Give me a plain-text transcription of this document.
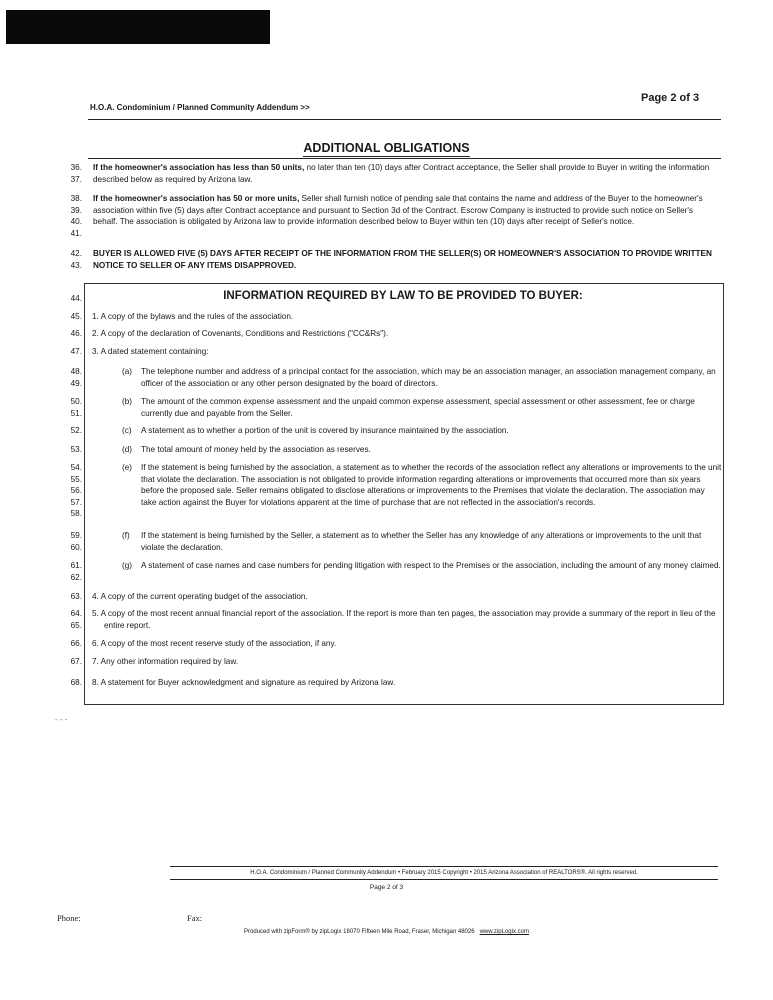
Page 2 of 3
H.O.A. Condominium / Planned Community Addendum >>
ADDITIONAL OBLIGATIONS
36.
37.
If the homeowner's association has less than 50 units, no later than ten (10) days after Contract acceptance, the Seller shall provide to Buyer in writing the information described below as required by Arizona law.
38.
39.
40.
41.
If the homeowner's association has 50 or more units, Seller shall furnish notice of pending sale that contains the name and address of the Buyer to the homeowner's association within five (5) days after Contract acceptance and pursuant to Section 3d of the Contract. Escrow Company is instructed to provide such notice on Seller's behalf. The association is obligated by Arizona law to provide information described below to Buyer within ten (10) days after receipt of Seller's notice.
42.
43.
BUYER IS ALLOWED FIVE (5) DAYS AFTER RECEIPT OF THE INFORMATION FROM THE SELLER(S) OR HOMEOWNER'S ASSOCIATION TO PROVIDE WRITTEN NOTICE TO SELLER OF ANY ITEMS DISAPPROVED.
44.	INFORMATION REQUIRED BY LAW TO BE PROVIDED TO BUYER:
45. 1. A copy of the bylaws and the rules of the association.
46. 2. A copy of the declaration of Covenants, Conditions and Restrictions ("CC&Rs").
47. 3. A dated statement containing:
48.
49.
(a)	The telephone number and address of a principal contact for the association, which may be an association manager, an association management company, an officer of the association or any other person designated by the board of directors.
50.
51.
(b)	The amount of the common expense assessment and the unpaid common expense assessment, special assessment or other assessment, fee or charge currently due and payable from the Seller.
52.	(c)	A statement as to whether a portion of the unit is covered by insurance maintained by the association.
53.	(d)	The total amount of money held by the association as reserves.
54.
55.
56.
57.
58.
(e)	If the statement is being furnished by the association, a statement as to whether the records of the association reflect any alterations or improvements to the unit that violate the declaration. The association is not obligated to provide information regarding alterations or improvements that occurred more than six years before the proposed sale. Seller remains obligated to disclose alterations or improvements to the Premises that violate the declaration. The association may take action against the Buyer for violations apparent at the time of purchase that are not reflected in the association's records.
59.
60.
(f)	If the statement is being furnished by the Seller, a statement as to whether the Seller has any knowledge of any alterations or improvements to the unit that violate the declaration.
61.
62.
(g)	A statement of case names and case numbers for pending litigation with respect to the Premises or the association, including the amount of any money claimed.
63. 4. A copy of the current operating budget of the association.
64.
65.
5. A copy of the most recent annual financial report of the association. If the report is more than ten pages, the association may provide a summary of the report in lieu of the entire report.
66. 6. A copy of the most recent reserve study of the association, if any.
67. 7. Any other information required by law.
68. 8. A statement for Buyer acknowledgment and signature as required by Arizona law.
- - -
H.O.A. Condominium / Planned Community Addendum • February 2015 Copyright • 2015 Arizona Association of REALTORS®. All rights reserved.
Page 2 of 3
Phone:	Fax:
Produced with zipForm® by zipLogix 18070 Fifteen Mile Road, Fraser, Michigan 48026 www.zipLogix.com
